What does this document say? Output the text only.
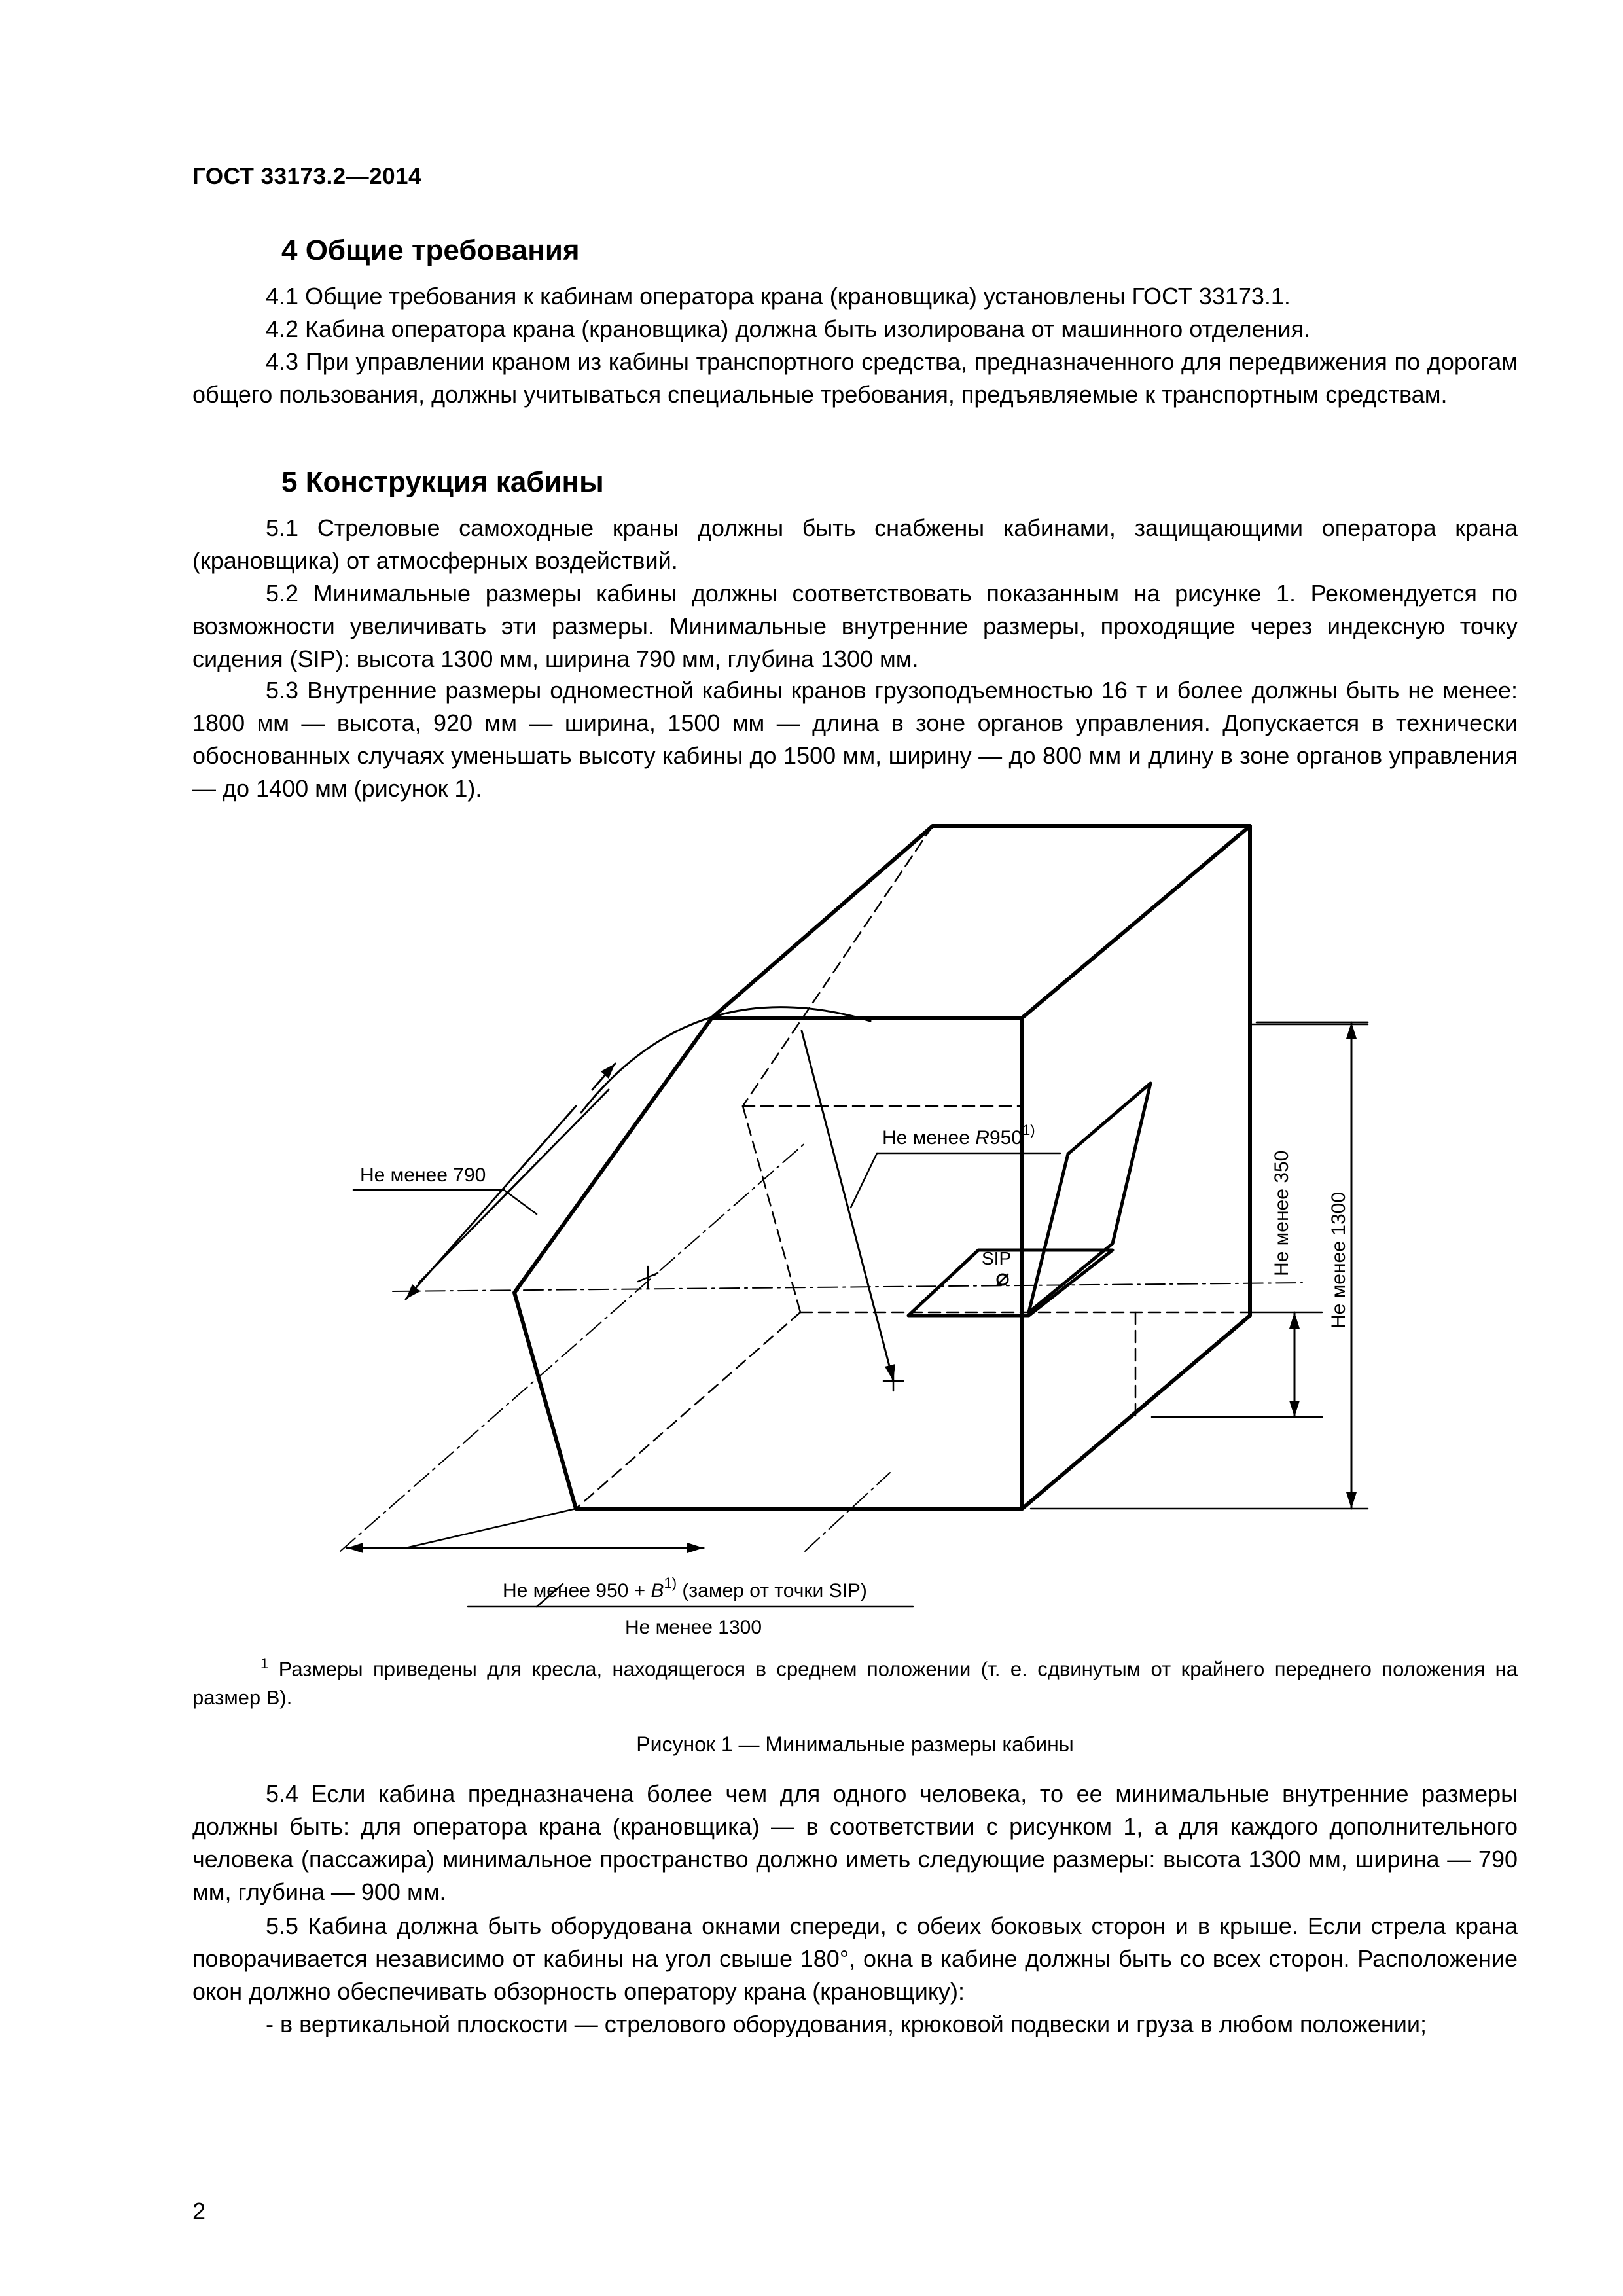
ГОСТ 33173.2—2014
4 Общие требования
4.1 Общие требования к кабинам оператора крана (крановщика) установлены ГОСТ 33173.1.
4.2 Кабина оператора крана (крановщика) должна быть изолирована от машинного отделения.
4.3 При управлении краном из кабины транспортного средства, предназначенного для передвижения по дорогам общего пользования, должны учитываться специальные требования, предъявляемые к транспортным средствам.
5 Конструкция кабины
5.1 Стреловые самоходные краны должны быть снабжены кабинами, защищающими оператора крана (крановщика) от атмосферных воздействий.
5.2 Минимальные размеры кабины должны соответствовать показанным на рисунке 1. Рекомендуется по возможности увеличивать эти размеры. Минимальные внутренние размеры, проходящие через индексную точку сидения (SIP): высота 1300 мм, ширина 790 мм, глубина 1300 мм.
5.3 Внутренние размеры одноместной кабины кранов грузоподъемностью 16 т и более должны быть не менее: 1800 мм — высота, 920 мм — ширина, 1500 мм — длина в зоне органов управления. Допускается в технически обоснованных случаях уменьшать высоту кабины до 1500 мм, ширину — до 800 мм и длину в зоне органов управления — до 1400 мм (рисунок 1).
Не менее 790
Не менее R950$^{1)}$
SIP	Не менее 350 Не менее 1300
Не менее $950 + B^{1)}$ (замер от точки SIP)
Не менее 1300
$^1$ Размеры приведены для кресла, находящегося в среднем положении (т. е. сдвинутым от крайнего переднего положения на размер B).
Рисунок 1 — Минимальные размеры кабины
5.4 Если кабина предназначена более чем для одного человека, то ее минимальные внутренние размеры должны быть: для оператора крана (крановщика) — в соответствии с рисунком 1, а для каждого дополнительного человека (пассажира) минимальное пространство должно иметь следующие размеры: высота 1300 мм, ширина — 790 мм, глубина — 900 мм.
5.5 Кабина должна быть оборудована окнами спереди, с обеих боковых сторон и в крыше. Если стрела крана поворачивается независимо от кабины на угол свыше 180°, окна в кабине должны быть со всех сторон. Расположение окон должно обеспечивать обзорность оператору крана (крановщику):
- в вертикальной плоскости — стрелового оборудования, крюковой подвески и груза в любом положении;
2
